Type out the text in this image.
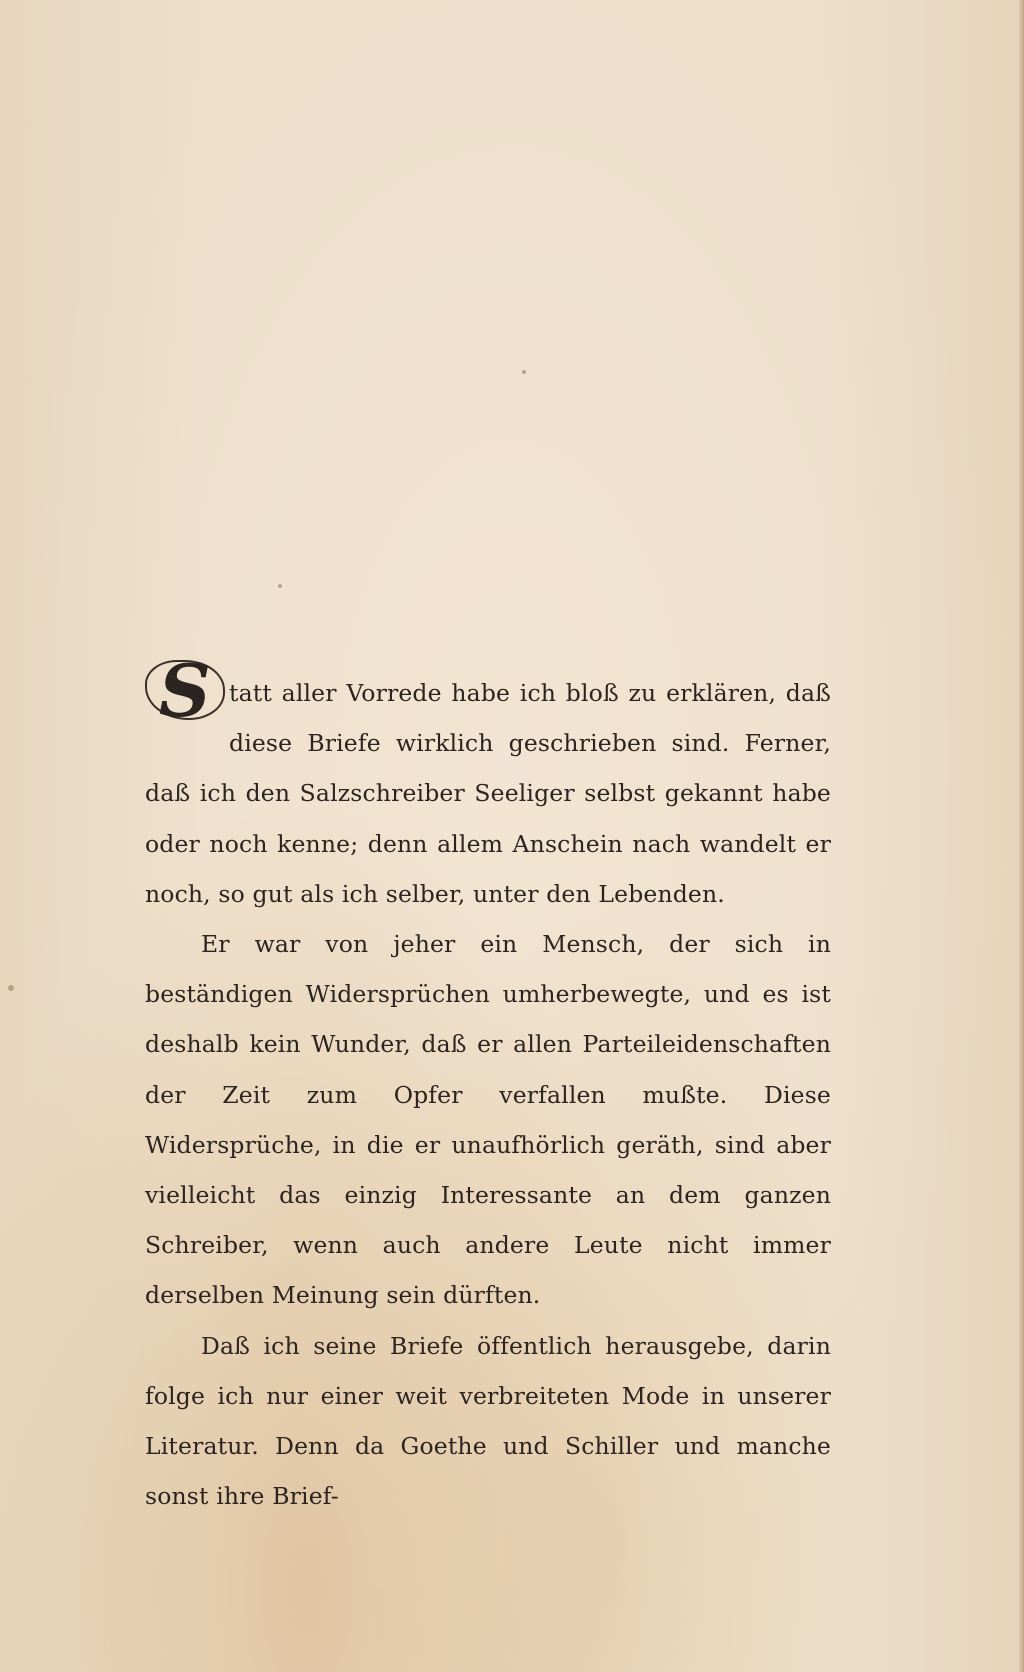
S tatt aller Vorrede habe ich bloß zu erklären, daß diese Briefe wirklich geschrieben sind. Ferner, daß ich den Salzschreiber Seeliger selbst gekannt habe oder noch kenne; denn allem Anschein nach wandelt er noch, so gut als ich selber, unter den Lebenden.

Er war von jeher ein Mensch, der sich in beständigen Widersprüchen umherbewegte, und es ist deshalb kein Wunder, daß er allen Parteileidenschaften der Zeit zum Opfer verfallen mußte. Diese Widersprüche, in die er unaufhörlich geräth, sind aber vielleicht das einzig Interessante an dem ganzen Schreiber, wenn auch andere Leute nicht immer derselben Meinung sein dürften.

Daß ich seine Briefe öffentlich herausgebe, darin folge ich nur einer weit verbreiteten Mode in unserer Literatur. Denn da Goethe und Schiller und manche sonst ihre Brief-
